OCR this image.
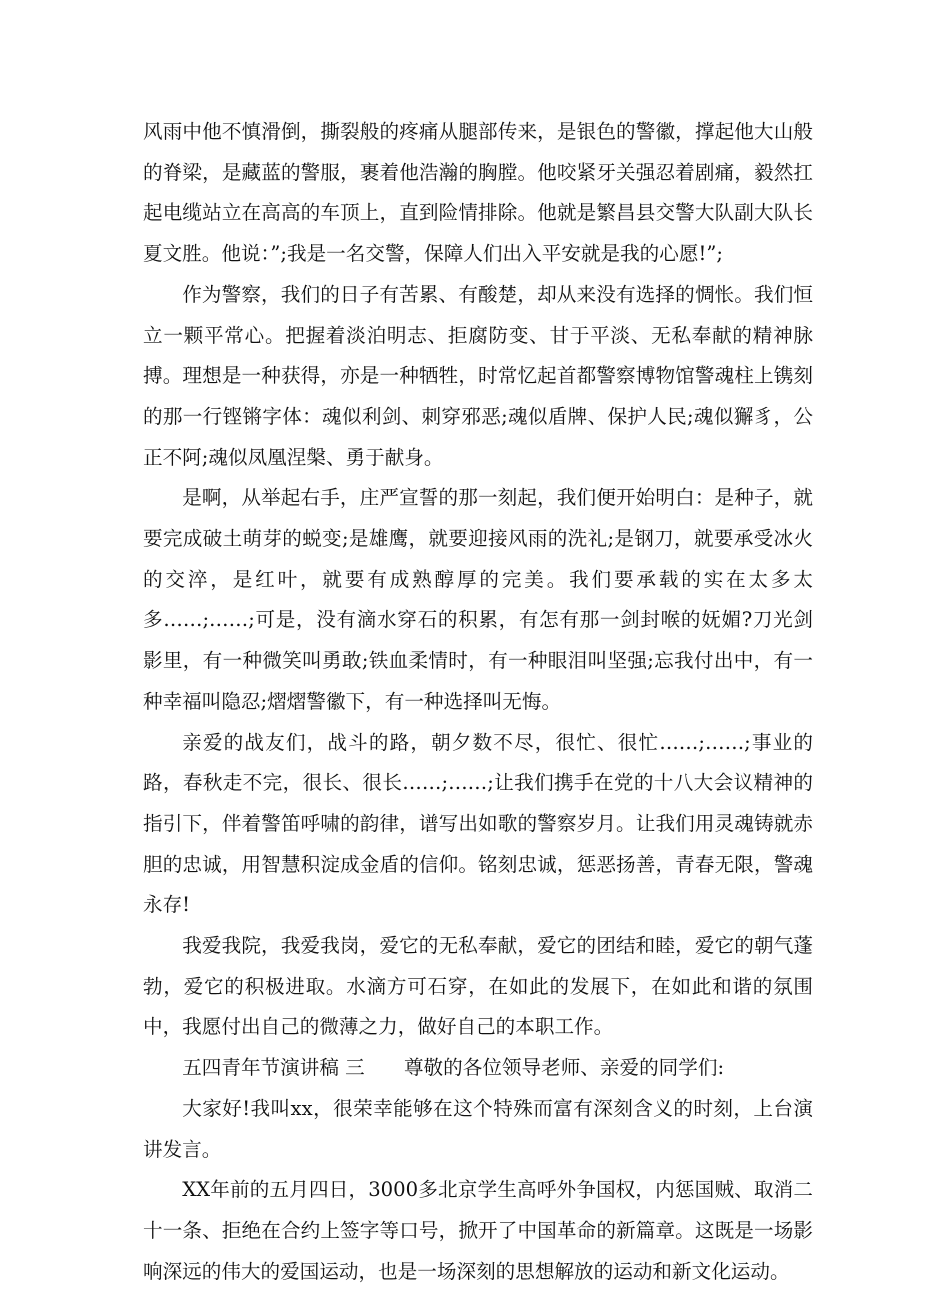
风雨中他不慎滑倒，撕裂般的疼痛从腿部传来，是银色的警徽，撑起他大山般的脊梁，是藏蓝的警服，裹着他浩瀚的胸膛。他咬紧牙关强忍着剧痛，毅然扛起电缆站立在高高的车顶上，直到险情排除。他就是繁昌县交警大队副大队长夏文胜。他说：”;我是一名交警，保障人们出入平安就是我的心愿!”;

作为警察，我们的日子有苦累、有酸楚，却从来没有选择的惆怅。我们恒立一颗平常心。把握着淡泊明志、拒腐防变、甘于平淡、无私奉献的精神脉搏。理想是一种获得，亦是一种牺牲，时常忆起首都警察博物馆警魂柱上镌刻的那一行铿锵字体：魂似利剑、刺穿邪恶;魂似盾牌、保护人民;魂似獬豸，公正不阿;魂似凤凰涅槃、勇于献身。

是啊，从举起右手，庄严宣誓的那一刻起，我们便开始明白：是种子，就要完成破土萌芽的蜕变;是雄鹰，就要迎接风雨的洗礼;是钢刀，就要承受冰火的交淬，是红叶，就要有成熟醇厚的完美。我们要承载的实在太多太多……;……;可是，没有滴水穿石的积累，有怎有那一剑封喉的妩媚?刀光剑影里，有一种微笑叫勇敢;铁血柔情时，有一种眼泪叫坚强;忘我付出中，有一种幸福叫隐忍;熠熠警徽下，有一种选择叫无悔。

亲爱的战友们，战斗的路，朝夕数不尽，很忙、很忙……;……;事业的路，春秋走不完，很长、很长……;……;让我们携手在党的十八大会议精神的指引下，伴着警笛呼啸的韵律，谱写出如歌的警察岁月。让我们用灵魂铸就赤胆的忠诚，用智慧积淀成金盾的信仰。铭刻忠诚，惩恶扬善，青春无限，警魂永存!

我爱我院，我爱我岗，爱它的无私奉献，爱它的团结和睦，爱它的朝气蓬勃，爱它的积极进取。水滴方可石穿，在如此的发展下，在如此和谐的氛围中，我愿付出自己的微薄之力，做好自己的本职工作。

五四青年节演讲稿 三　　尊敬的各位领导老师、亲爱的同学们:

大家好!我叫xx，很荣幸能够在这个特殊而富有深刻含义的时刻，上台演讲发言。

XX年前的五月四日，3000多北京学生高呼外争国权，内惩国贼、取消二十一条、拒绝在合约上签字等口号，掀开了中国革命的新篇章。这既是一场影响深远的伟大的爱国运动，也是一场深刻的思想解放的运动和新文化运动。
